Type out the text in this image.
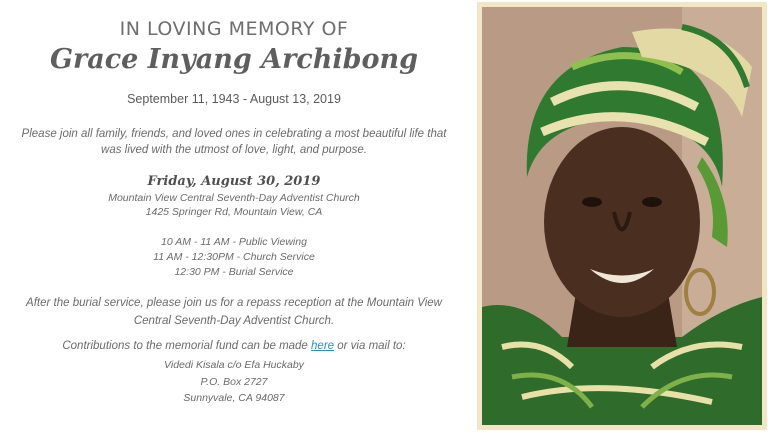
IN LOVING MEMORY OF
Grace Inyang Archibong
September 11, 1943 - August 13, 2019
Please join all family, friends, and loved ones in celebrating a most beautiful life that was lived with the utmost of love, light, and purpose.
Friday, August 30, 2019
Mountain View Central Seventh-Day Adventist Church
1425 Springer Rd, Mountain View, CA
10 AM - 11 AM - Public Viewing
11 AM - 12:30PM - Church Service
12:30 PM - Burial Service
After the burial service, please join us for a repass reception at the Mountain View Central Seventh-Day Adventist Church.
Contributions to the memorial fund can be made here or via mail to:
Videdi Kisala c/o Efa Huckaby
P.O. Box 2727
Sunnyvale, CA 94087
